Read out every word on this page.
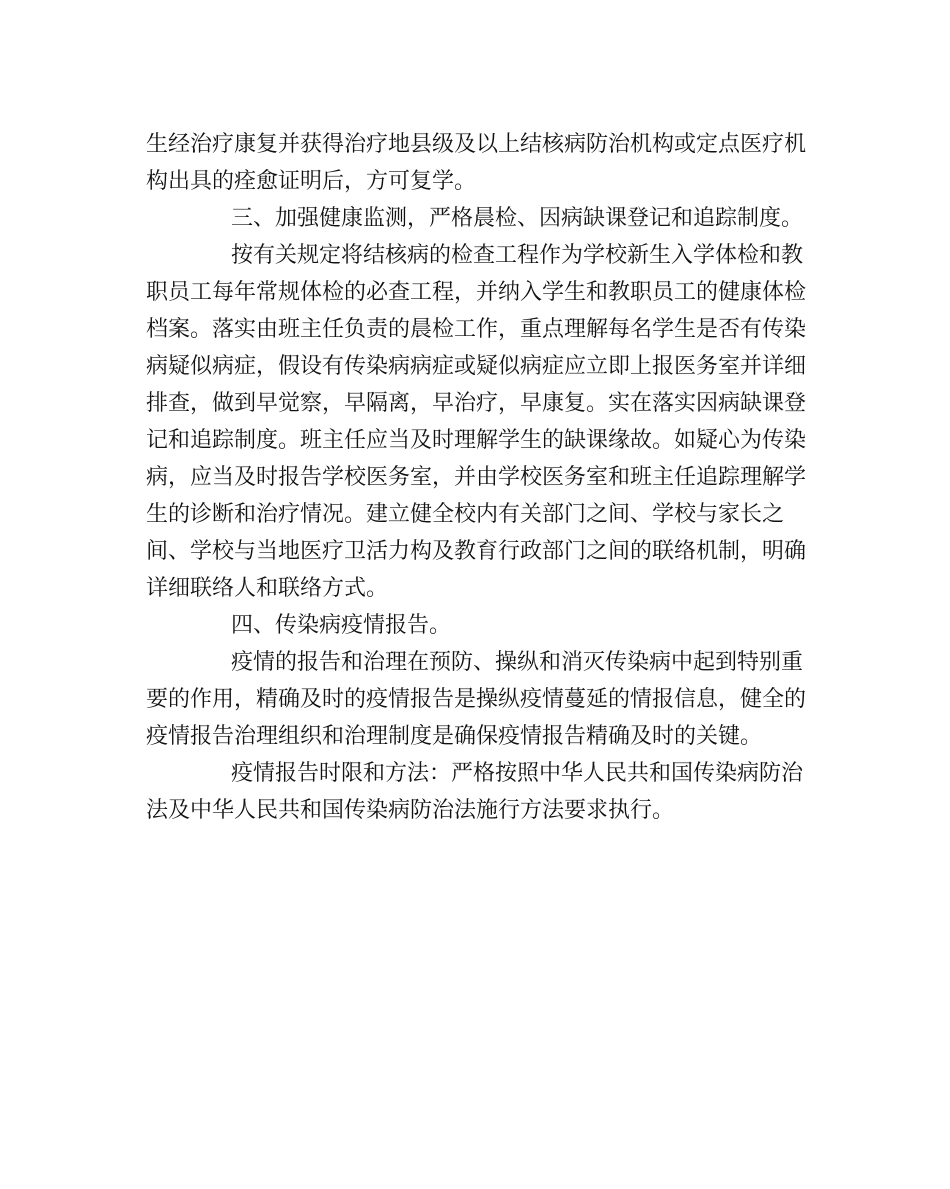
生经治疗康复并获得治疗地县级及以上结核病防治机构或定点医疗机
构出具的痊愈证明后，方可复学。
三、加强健康监测，严格晨检、因病缺课登记和追踪制度。
按有关规定将结核病的检查工程作为学校新生入学体检和教
职员工每年常规体检的必查工程，并纳入学生和教职员工的健康体检
档案。落实由班主任负责的晨检工作，重点理解每名学生是否有传染
病疑似病症，假设有传染病病症或疑似病症应立即上报医务室并详细
排查，做到早觉察，早隔离，早治疗，早康复。实在落实因病缺课登
记和追踪制度。班主任应当及时理解学生的缺课缘故。如疑心为传染
病，应当及时报告学校医务室，并由学校医务室和班主任追踪理解学
生的诊断和治疗情况。建立健全校内有关部门之间、学校与家长之
间、学校与当地医疗卫活力构及教育行政部门之间的联络机制，明确
详细联络人和联络方式。
四、传染病疫情报告。
疫情的报告和治理在预防、操纵和消灭传染病中起到特别重
要的作用，精确及时的疫情报告是操纵疫情蔓延的情报信息，健全的
疫情报告治理组织和治理制度是确保疫情报告精确及时的关键。
疫情报告时限和方法：严格按照中华人民共和国传染病防治
法及中华人民共和国传染病防治法施行方法要求执行。
